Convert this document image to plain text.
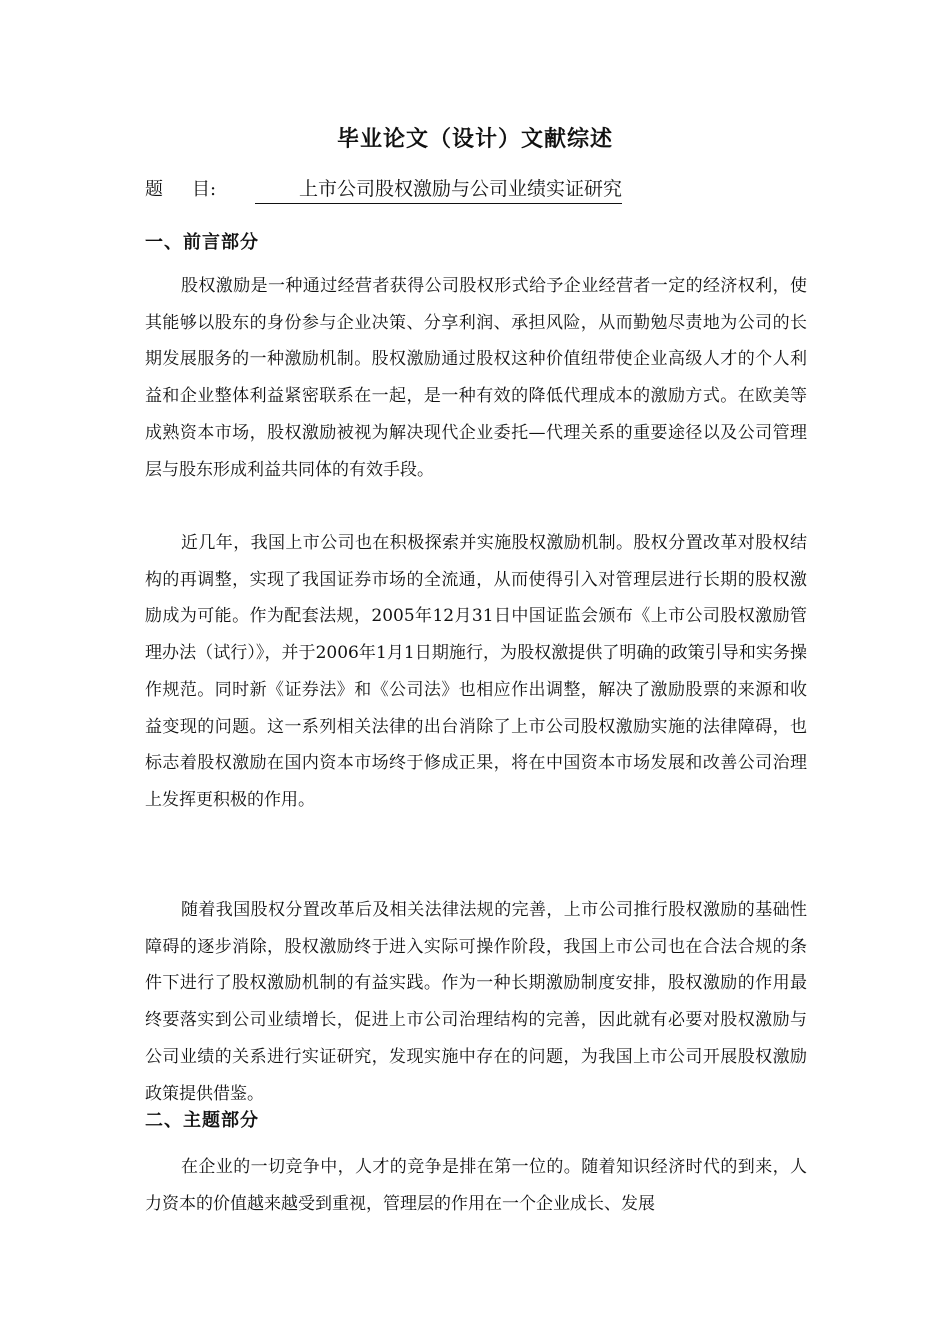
毕业论文（设计）文献综述
题 目:	上市公司股权激励与公司业绩实证研究
一、前言部分

股权激励是一种通过经营者获得公司股权形式给予企业经营者一定的经济权利，使其能够以股东的身份参与企业决策、分享利润、承担风险，从而勤勉尽责地为公司的长期发展服务的一种激励机制。股权激励通过股权这种价值纽带使企业高级人才的个人利益和企业整体利益紧密联系在一起，是一种有效的降低代理成本的激励方式。在欧美等成熟资本市场，股权激励被视为解决现代企业委托—代理关系的重要途径以及公司管理层与股东形成利益共同体的有效手段。

近几年，我国上市公司也在积极探索并实施股权激励机制。股权分置改革对股权结构的再调整，实现了我国证券市场的全流通，从而使得引入对管理层进行长期的股权激励成为可能。作为配套法规，2005年12月31日中国证监会颁布《上市公司股权激励管理办法（试行）》，并于2006年1月1日期施行，为股权激提供了明确的政策引导和实务操作规范。同时新《证券法》和《公司法》也相应作出调整，解决了激励股票的来源和收益变现的问题。这一系列相关法律的出台消除了上市公司股权激励实施的法律障碍，也标志着股权激励在国内资本市场终于修成正果，将在中国资本市场发展和改善公司治理上发挥更积极的作用。

随着我国股权分置改革后及相关法律法规的完善，上市公司推行股权激励的基础性障碍的逐步消除，股权激励终于进入实际可操作阶段，我国上市公司也在合法合规的条件下进行了股权激励机制的有益实践。作为一种长期激励制度安排，股权激励的作用最终要落实到公司业绩增长，促进上市公司治理结构的完善，因此就有必要对股权激励与公司业绩的关系进行实证研究，发现实施中存在的问题，为我国上市公司开展股权激励政策提供借鉴。

二、主题部分

在企业的一切竞争中，人才的竞争是排在第一位的。随着知识经济时代的到来，人力资本的价值越来越受到重视，管理层的作用在一个企业成长、发展
